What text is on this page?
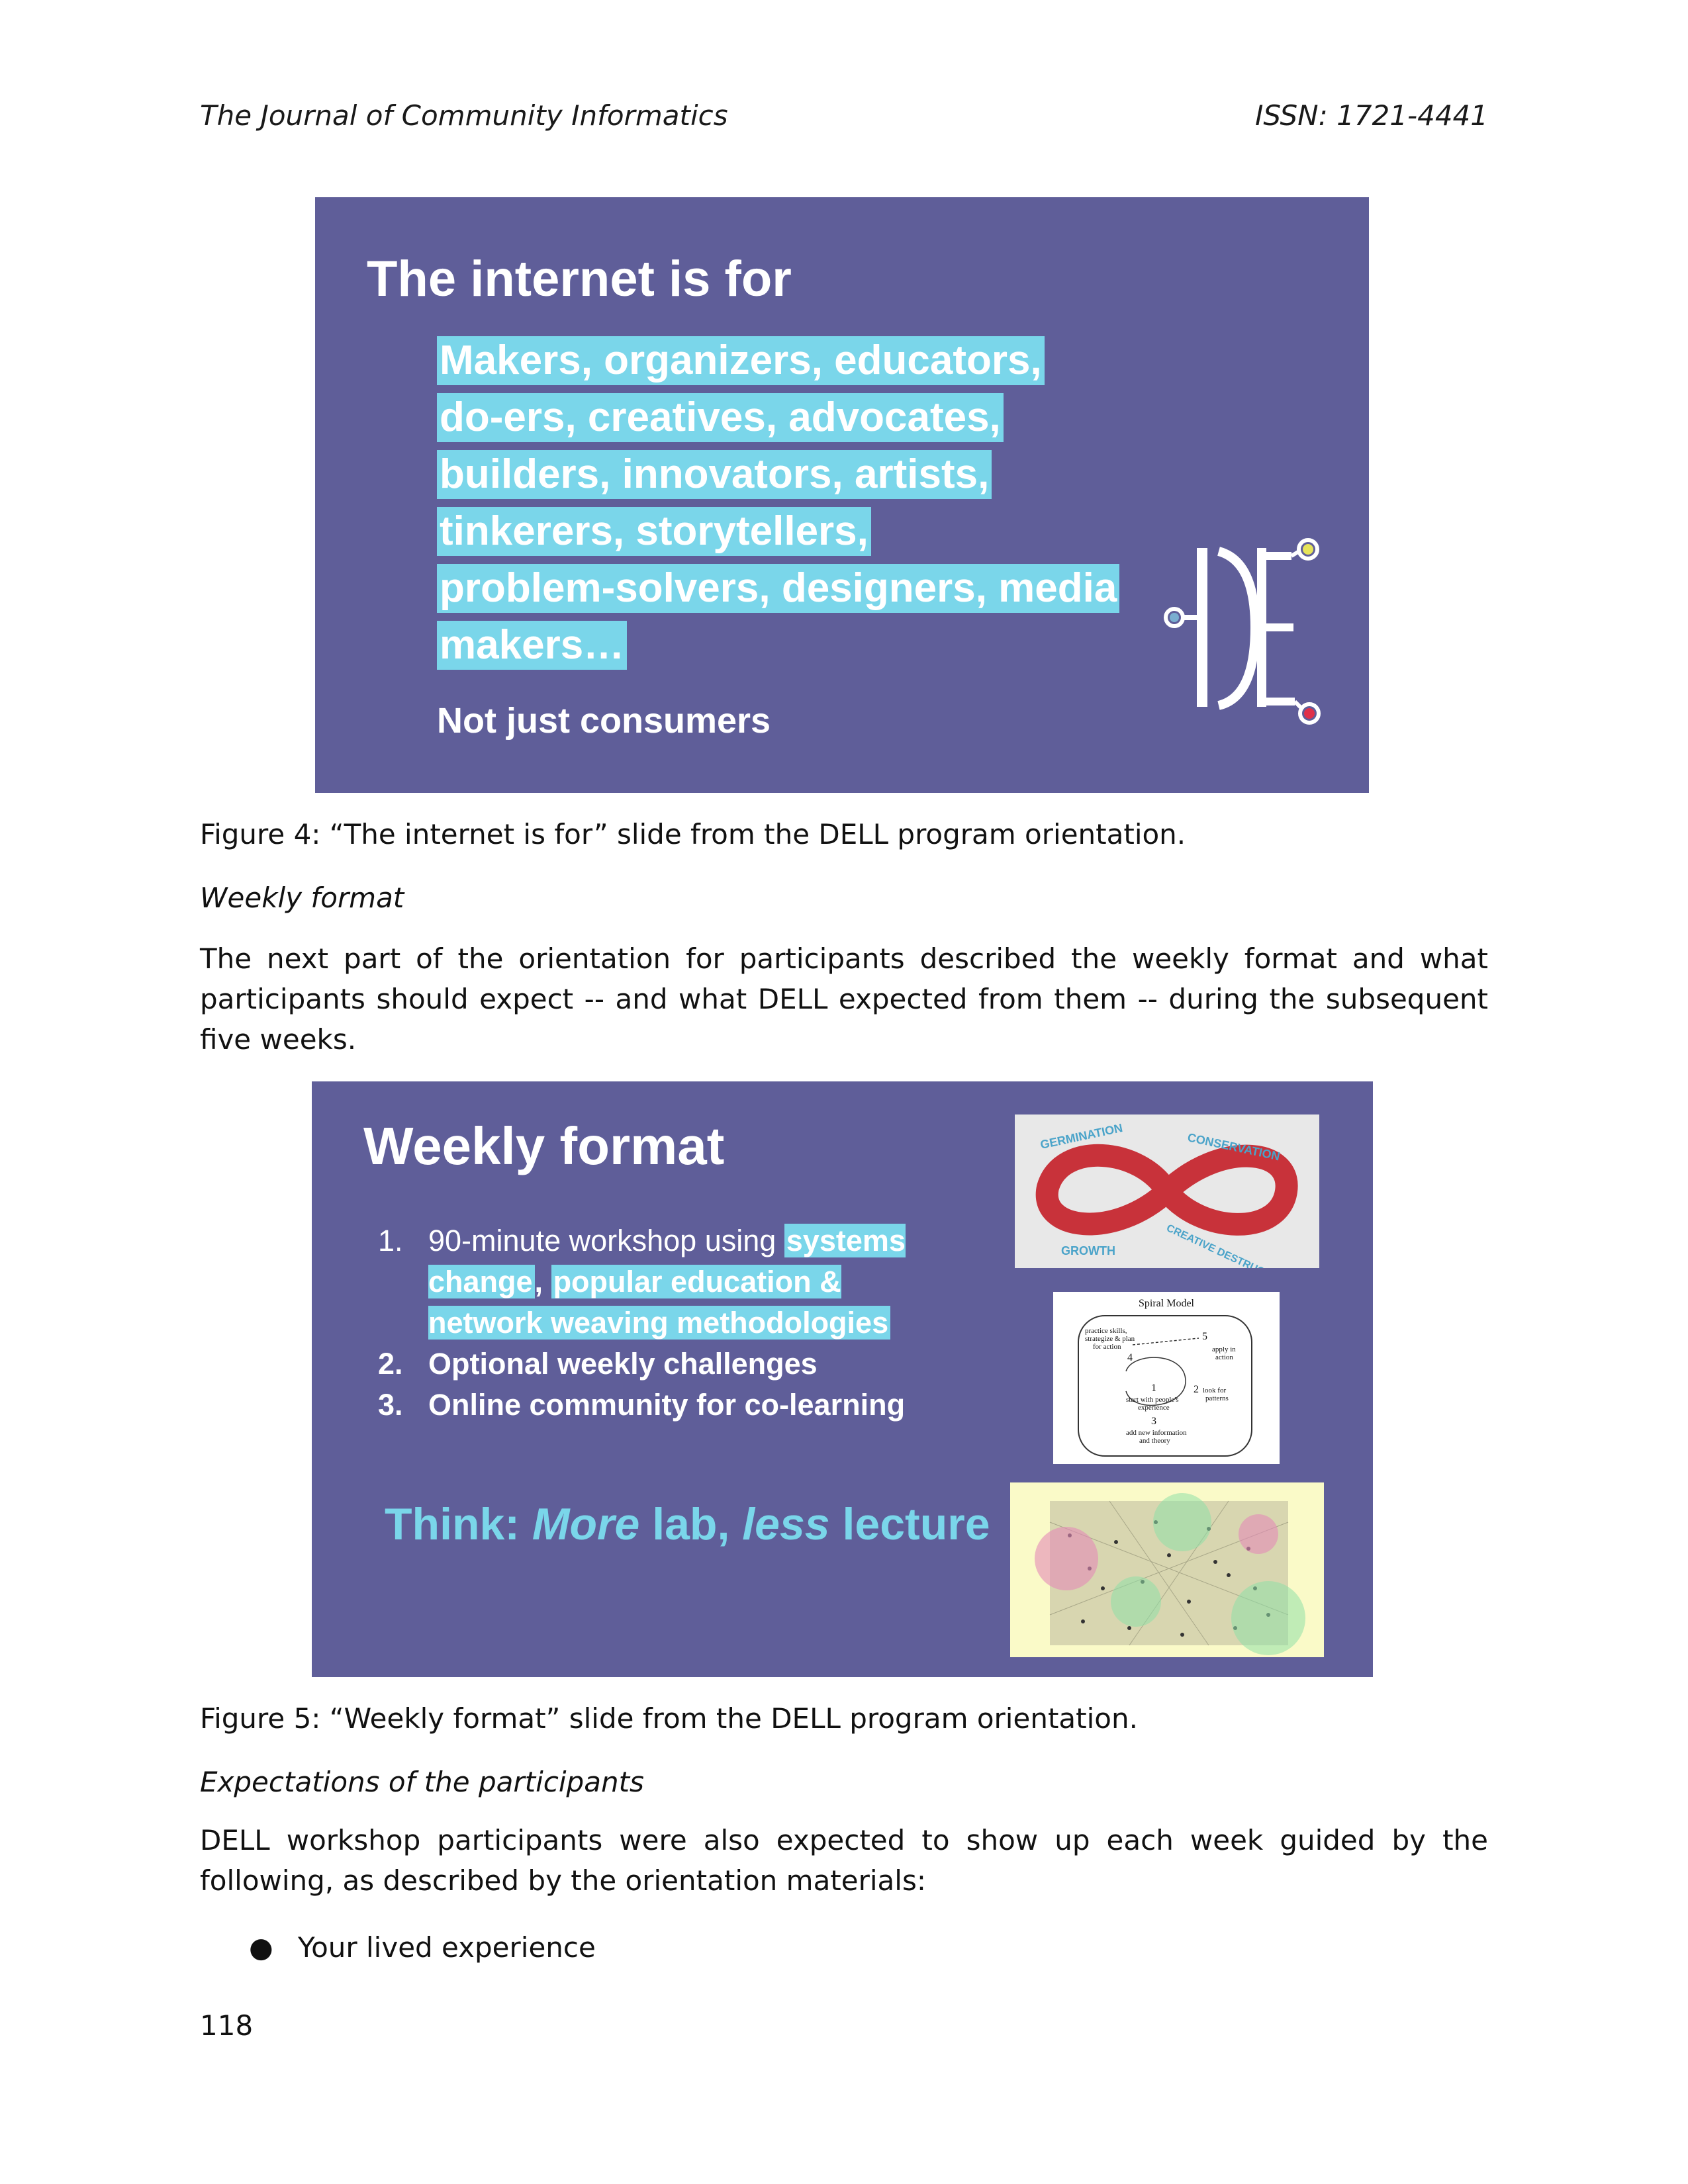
The Journal of Community Informatics	ISSN: 1721-4441
The internet is for
Makers, organizers, educators,
do-ers, creatives, advocates,
builders, innovators, artists,
tinkerers, storytellers,
problem-solvers, designers, media
makers…
Not just consumers
Figure 4: “The internet is for” slide from the DELL program orientation.
Weekly format
The next part of the orientation for participants described the weekly format and what participants should expect -- and what DELL expected from them -- during the subsequent five weeks.
Weekly format
1. 90-minute workshop using systems change, popular education & network weaving methodologies
2. Optional weekly challenges
3. Online community for co-learning
Think: More lab, less lecture
GERMINATION	CONSERVATION
GROWTH	CREATIVE DESTRUCTION
Spiral Model
practice skills,
strategize & plan
for action
4
5
apply in
action
1
start with people's
experience
2 look for
patterns
3
add new information
and theory
Figure 5: “Weekly format” slide from the DELL program orientation.
Expectations of the participants
DELL workshop participants were also expected to show up each week guided by the following, as described by the orientation materials:
● Your lived experience
118
